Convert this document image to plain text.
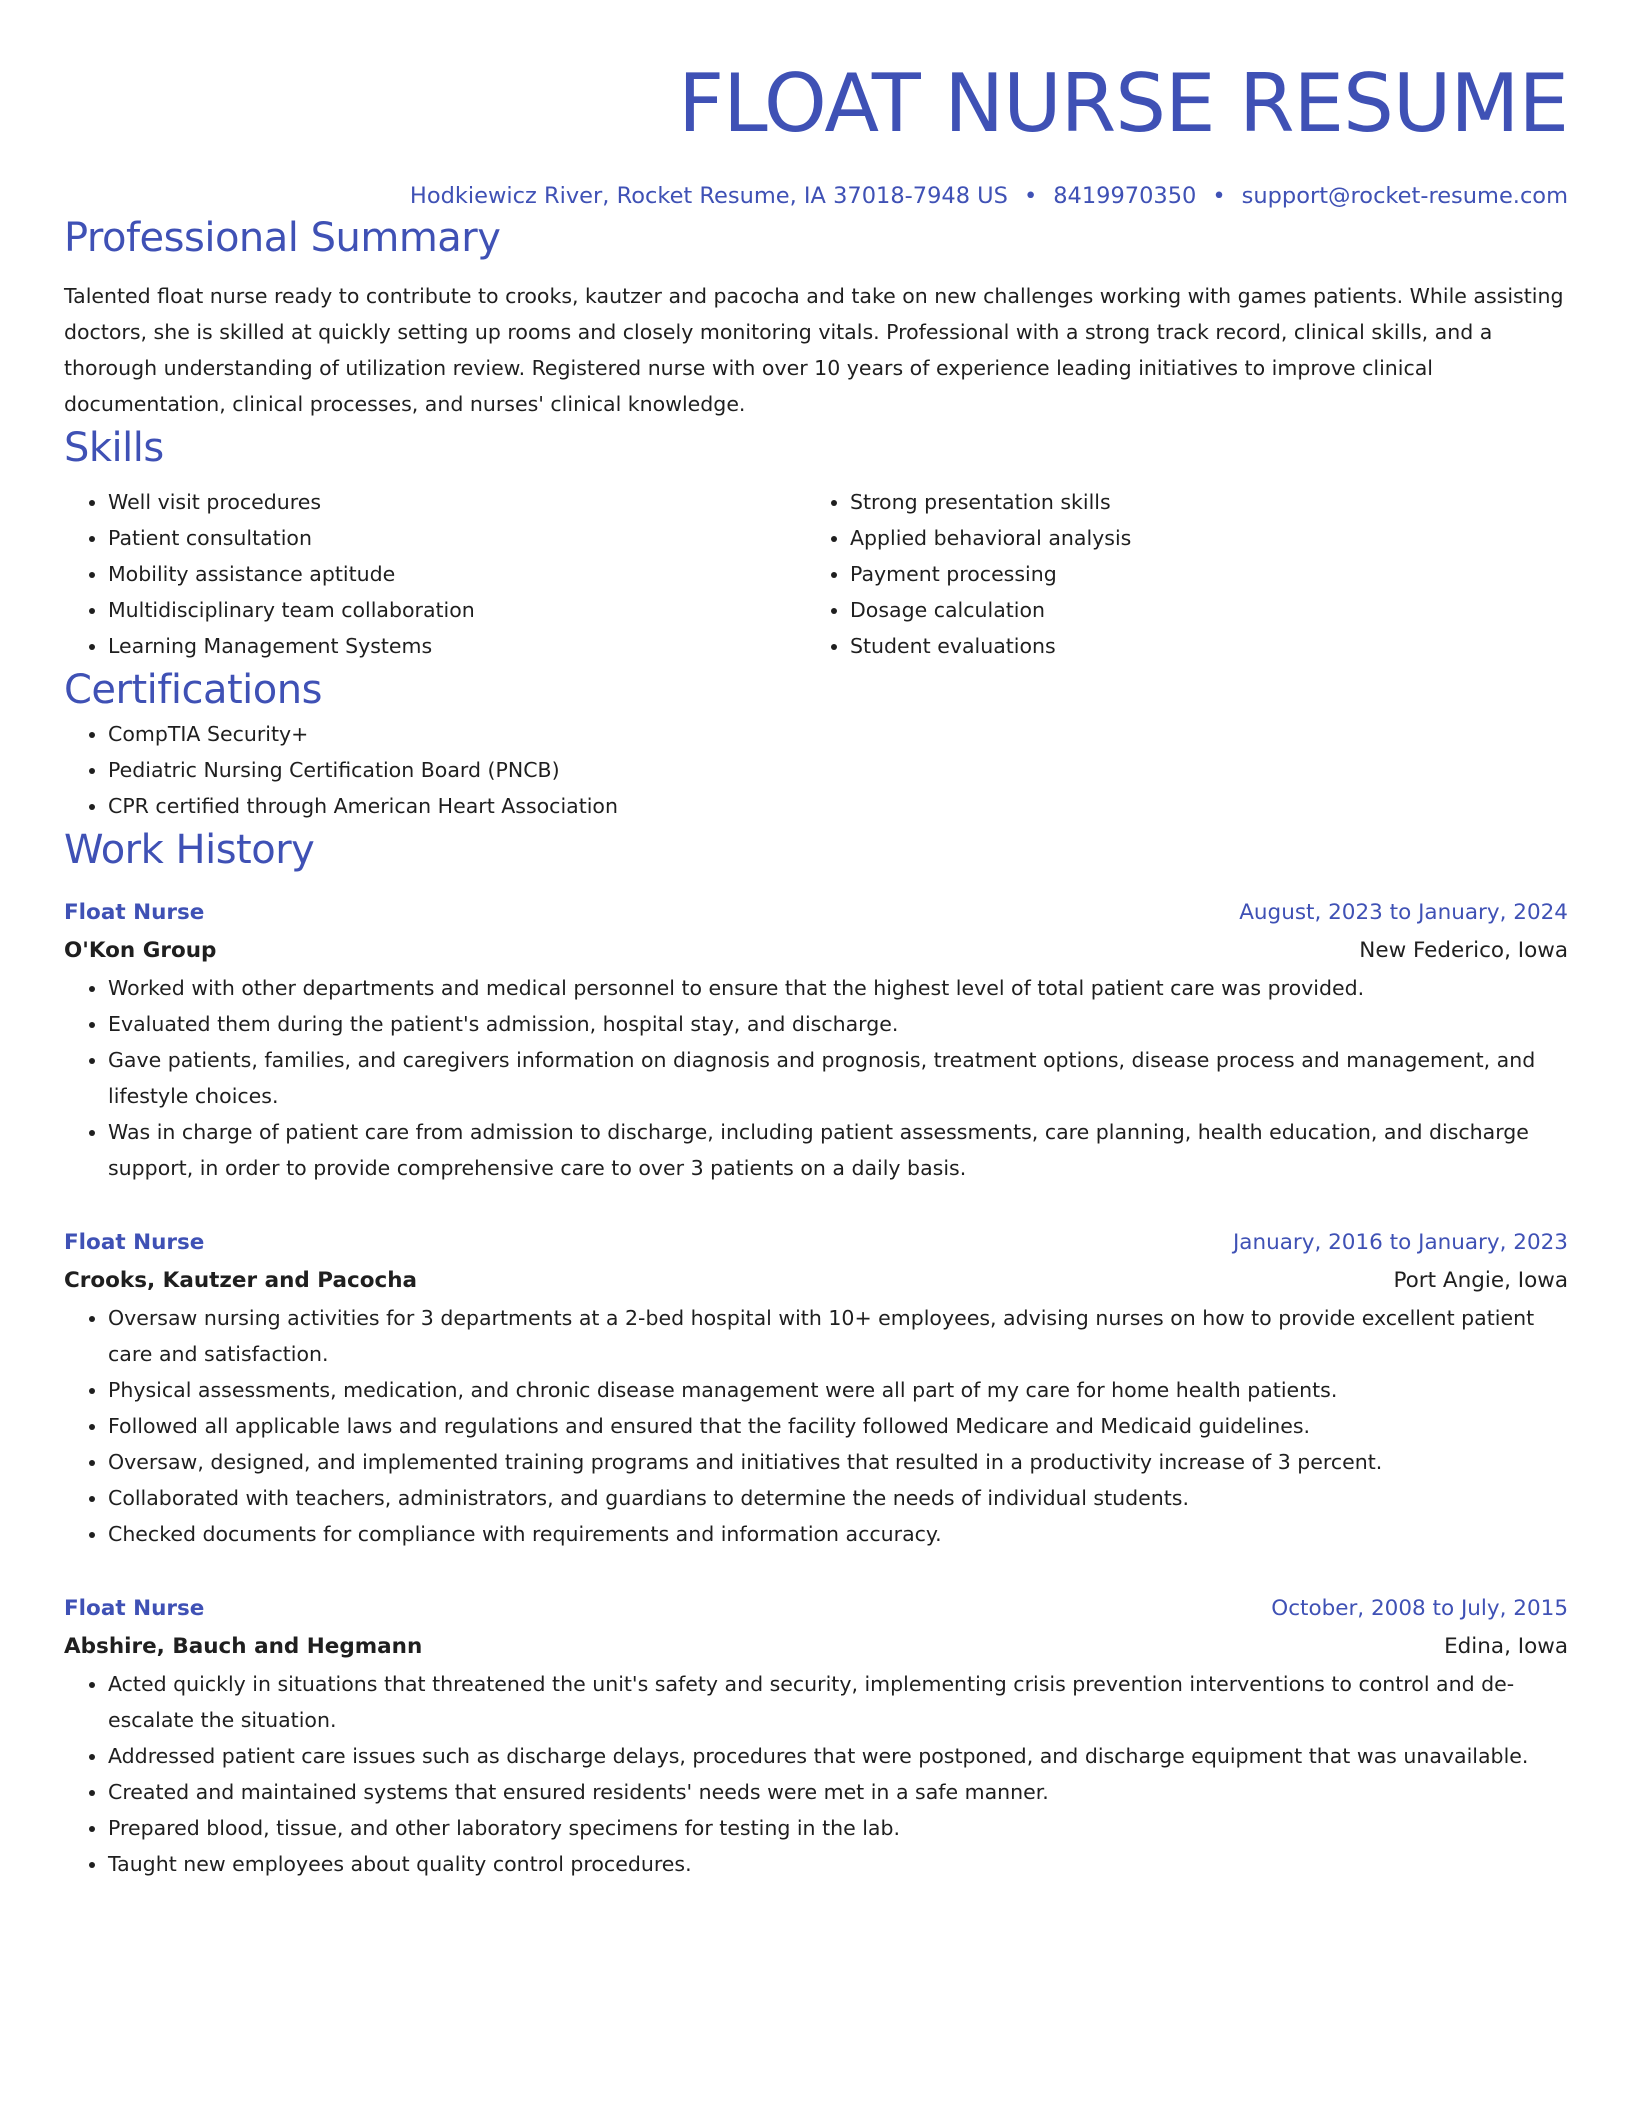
FLOAT NURSE RESUME
Hodkiewicz River, Rocket Resume, IA 37018-7948 US • 8419970350 • support@rocket-resume.com
Professional Summary
Talented float nurse ready to contribute to crooks, kautzer and pacocha and take on new challenges working with games patients. While assisting doctors, she is skilled at quickly setting up rooms and closely monitoring vitals. Professional with a strong track record, clinical skills, and a thorough understanding of utilization review. Registered nurse with over 10 years of experience leading initiatives to improve clinical documentation, clinical processes, and nurses' clinical knowledge.
Skills
• Well visit procedures
• Patient consultation
• Mobility assistance aptitude
• Multidisciplinary team collaboration
• Learning Management Systems
• Strong presentation skills
• Applied behavioral analysis
• Payment processing
• Dosage calculation
• Student evaluations
Certifications
• CompTIA Security+
• Pediatric Nursing Certification Board (PNCB)
• CPR certified through American Heart Association
Work History
Float Nurse	August, 2023 to January, 2024
O'Kon Group	New Federico, Iowa
• Worked with other departments and medical personnel to ensure that the highest level of total patient care was provided.
• Evaluated them during the patient's admission, hospital stay, and discharge.
• Gave patients, families, and caregivers information on diagnosis and prognosis, treatment options, disease process and management, and lifestyle choices.
• Was in charge of patient care from admission to discharge, including patient assessments, care planning, health education, and discharge support, in order to provide comprehensive care to over 3 patients on a daily basis.
Float Nurse	January, 2016 to January, 2023
Crooks, Kautzer and Pacocha	Port Angie, Iowa
• Oversaw nursing activities for 3 departments at a 2-bed hospital with 10+ employees, advising nurses on how to provide excellent patient care and satisfaction.
• Physical assessments, medication, and chronic disease management were all part of my care for home health patients.
• Followed all applicable laws and regulations and ensured that the facility followed Medicare and Medicaid guidelines.
• Oversaw, designed, and implemented training programs and initiatives that resulted in a productivity increase of 3 percent.
• Collaborated with teachers, administrators, and guardians to determine the needs of individual students.
• Checked documents for compliance with requirements and information accuracy.
Float Nurse	October, 2008 to July, 2015
Abshire, Bauch and Hegmann	Edina, Iowa
• Acted quickly in situations that threatened the unit's safety and security, implementing crisis prevention interventions to control and de-escalate the situation.
• Addressed patient care issues such as discharge delays, procedures that were postponed, and discharge equipment that was unavailable.
• Created and maintained systems that ensured residents' needs were met in a safe manner.
• Prepared blood, tissue, and other laboratory specimens for testing in the lab.
• Taught new employees about quality control procedures.
